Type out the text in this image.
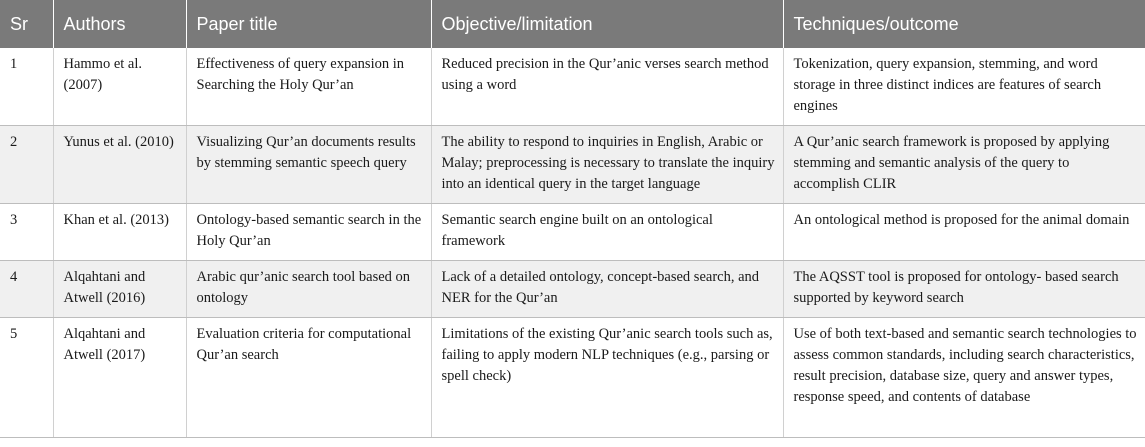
Sr	Authors	Paper title	Objective/limitation	Techniques/outcome
1	Hammo et al. (2007)	Effectiveness of query expansion in Searching the Holy Qur’an	Reduced precision in the Qur’anic verses search method using a word	Tokenization, query expansion, stemming, and word storage in three distinct indices are features of search engines
2	Yunus et al. (2010)	Visualizing Qur’an documents results by stemming semantic speech query	The ability to respond to inquiries in English, Arabic or Malay; preprocessing is necessary to translate the inquiry into an identical query in the target language	A Qur’anic search framework is proposed by applying stemming and semantic analysis of the query to accomplish CLIR
3	Khan et al. (2013)	Ontology-based semantic search in the Holy Qur’an	Semantic search engine built on an ontological framework	An ontological method is proposed for the animal domain
4	Alqahtani and Atwell (2016)	Arabic qur’anic search tool based on ontology	Lack of a detailed ontology, concept-based search, and NER for the Qur’an	The AQSST tool is proposed for ontology- based search supported by keyword search
5	Alqahtani and Atwell (2017)	Evaluation criteria for computational Qur’an search	Limitations of the existing Qur’anic search tools such as, failing to apply modern NLP techniques (e.g., parsing or spell check)	Use of both text-based and semantic search technologies to assess common standards, including search characteristics, result precision, database size, query and answer types, response speed, and contents of database
